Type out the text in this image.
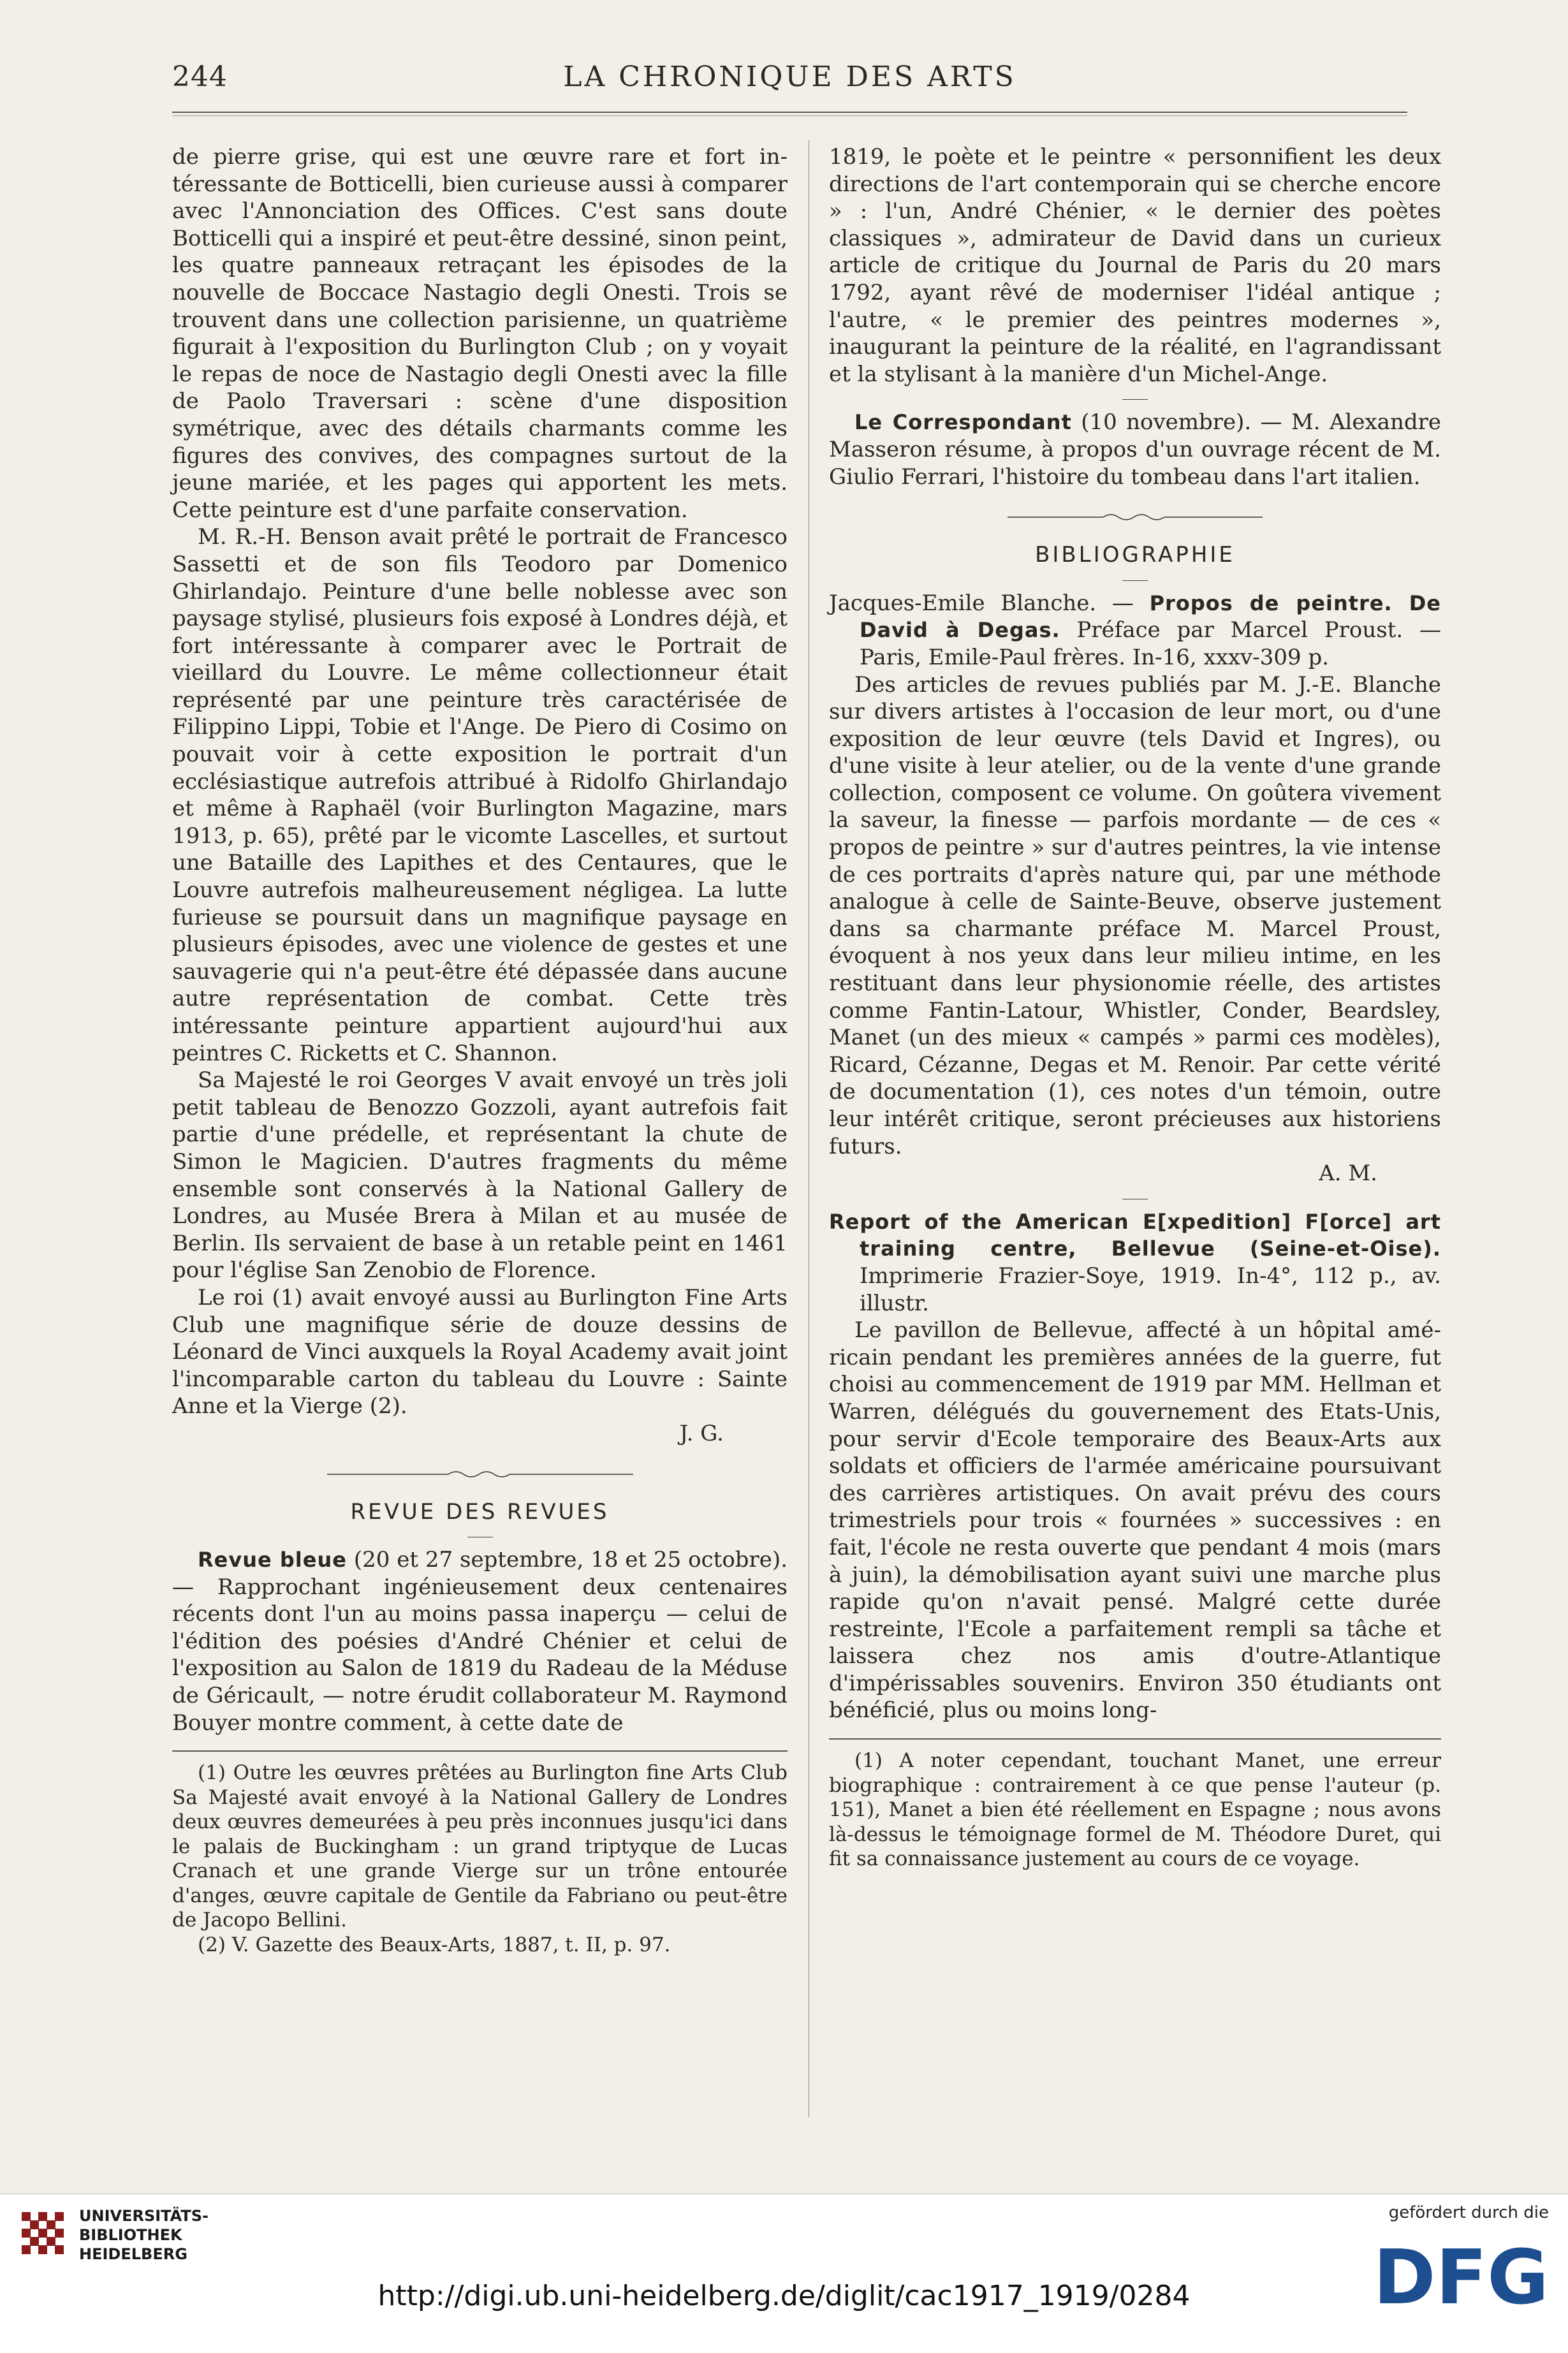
244	LA CHRONIQUE DES ARTS

de pierre grise, qui est une œuvre rare et fort intéressante de Botticelli, bien curieuse aussi à comparer avec l'Annonciation des Offices. C'est sans doute Botticelli qui a inspiré et peut-être dessiné, sinon peint, les quatre panneaux retraçant les épisodes de la nouvelle de Boccace Nastagio degli Onesti. Trois se trouvent dans une collection parisienne, un quatrième figurait à l'exposition du Burlington Club ; on y voyait le repas de noce de Nastagio degli Onesti avec la fille de Paolo Traversari : scène d'une disposition symétrique, avec des détails charmants comme les figures des convives, des compagnes surtout de la jeune mariée, et les pages qui apportent les mets. Cette peinture est d'une parfaite conservation.

M. R.-H. Benson avait prêté le portrait de Francesco Sassetti et de son fils Teodoro par Domenico Ghirlandajo. Peinture d'une belle noblesse avec son paysage stylisé, plusieurs fois exposé à Londres déjà, et fort intéressante à comparer avec le Portrait de vieillard du Louvre. Le même collectionneur était représenté par une peinture très caractérisée de Filippino Lippi, Tobie et l'Ange. De Piero di Cosimo on pouvait voir à cette exposition le portrait d'un ecclésiastique autrefois attribué à Ridolfo Ghirlandajo et même à Raphaël (voir Burlington Magazine, mars 1913, p. 65), prêté par le vicomte Lascelles, et surtout une Bataille des Lapithes et des Centaures, que le Louvre autrefois malheureusement négligea. La lutte furieuse se poursuit dans un magnifique paysage en plusieurs épisodes, avec une violence de gestes et une sauvagerie qui n'a peut-être été dépassée dans aucune autre représentation de combat. Cette très intéressante peinture appartient aujourd'hui aux peintres C. Ricketts et C. Shannon.

Sa Majesté le roi Georges V avait envoyé un très joli petit tableau de Benozzo Gozzoli, ayant autrefois fait partie d'une prédelle, et représentant la chute de Simon le Magicien. D'autres fragments du même ensemble sont conservés à la National Gallery de Londres, au Musée Brera à Milan et au musée de Berlin. Ils servaient de base à un retable peint en 1461 pour l'église San Zenobio de Florence.

Le roi (1) avait envoyé aussi au Burlington Fine Arts Club une magnifique série de douze dessins de Léonard de Vinci auxquels la Royal Academy avait joint l'incomparable carton du tableau du Louvre : Sainte Anne et la Vierge (2).

J. G.

REVUE DES REVUES

Revue bleue (20 et 27 septembre, 18 et 25 octobre). — Rapprochant ingénieusement deux centenaires récents dont l'un au moins passa inaperçu — celui de l'édition des poésies d'André Chénier et celui de l'exposition au Salon de 1819 du Radeau de la Méduse de Géricault, — notre érudit collaborateur M. Raymond Bouyer montre comment, à cette date de

(1) Outre les œuvres prêtées au Burlington fine Arts Club Sa Majesté avait envoyé à la National Gallery de Londres deux œuvres demeurées à peu près inconnues jusqu'ici dans le palais de Buckingham : un grand triptyque de Lucas Cranach et une grande Vierge sur un trône entourée d'anges, œuvre capitale de Gentile da Fabriano ou peut-être de Jacopo Bellini.

(2) V. Gazette des Beaux-Arts, 1887, t. II, p. 97.

1819, le poète et le peintre « personnifient les deux directions de l'art contemporain qui se cherche encore » : l'un, André Chénier, « le dernier des poètes classiques », admirateur de David dans un curieux article de critique du Journal de Paris du 20 mars 1792, ayant rêvé de moderniser l'idéal antique ; l'autre, « le premier des peintres modernes », inaugurant la peinture de la réalité, en l'agrandissant et la stylisant à la manière d'un Michel-Ange.

Le Correspondant (10 novembre). — M. Alexandre Masseron résume, à propos d'un ouvrage récent de M. Giulio Ferrari, l'histoire du tombeau dans l'art italien.

BIBLIOGRAPHIE

Jacques-Emile Blanche. — Propos de peintre. De David à Degas. Préface par Marcel Proust. — Paris, Emile-Paul frères. In-16, xxxv-309 p.

Des articles de revues publiés par M. J.-E. Blanche sur divers artistes à l'occasion de leur mort, ou d'une exposition de leur œuvre (tels David et Ingres), ou d'une visite à leur atelier, ou de la vente d'une grande collection, composent ce volume. On goûtera vivement la saveur, la finesse — parfois mordante — de ces « propos de peintre » sur d'autres peintres, la vie intense de ces portraits d'après nature qui, par une méthode analogue à celle de Sainte-Beuve, observe justement dans sa charmante préface M. Marcel Proust, évoquent à nos yeux dans leur milieu intime, en les restituant dans leur physionomie réelle, des artistes comme Fantin-Latour, Whistler, Conder, Beardsley, Manet (un des mieux « campés » parmi ces modèles), Ricard, Cézanne, Degas et M. Renoir. Par cette vérité de documentation (1), ces notes d'un témoin, outre leur intérêt critique, seront précieuses aux historiens futurs.

A. M.

Report of the American E[xpedition] F[orce] art training centre, Bellevue (Seine-et-Oise). Imprimerie Frazier-Soye, 1919. In-4°, 112 p., av. illustr.

Le pavillon de Bellevue, affecté à un hôpital américain pendant les premières années de la guerre, fut choisi au commencement de 1919 par MM. Hellman et Warren, délégués du gouvernement des Etats-Unis, pour servir d'Ecole temporaire des Beaux-Arts aux soldats et officiers de l'armée américaine poursuivant des carrières artistiques. On avait prévu des cours trimestriels pour trois « fournées » successives : en fait, l'école ne resta ouverte que pendant 4 mois (mars à juin), la démobilisation ayant suivi une marche plus rapide qu'on n'avait pensé. Malgré cette durée restreinte, l'Ecole a parfaitement rempli sa tâche et laissera chez nos amis d'outre-Atlantique d'impérissables souvenirs. Environ 350 étudiants ont bénéficié, plus ou moins long-

(1) A noter cependant, touchant Manet, une erreur biographique : contrairement à ce que pense l'auteur (p. 151), Manet a bien été réellement en Espagne ; nous avons là-dessus le témoignage formel de M. Théodore Duret, qui fit sa connaissance justement au cours de ce voyage.

UNIVERSITÄTS-
BIBLIOTHEK
HEIDELBERG
http://digi.ub.uni-heidelberg.de/diglit/cac1917_1919/0284
gefördert durch die
DFG
